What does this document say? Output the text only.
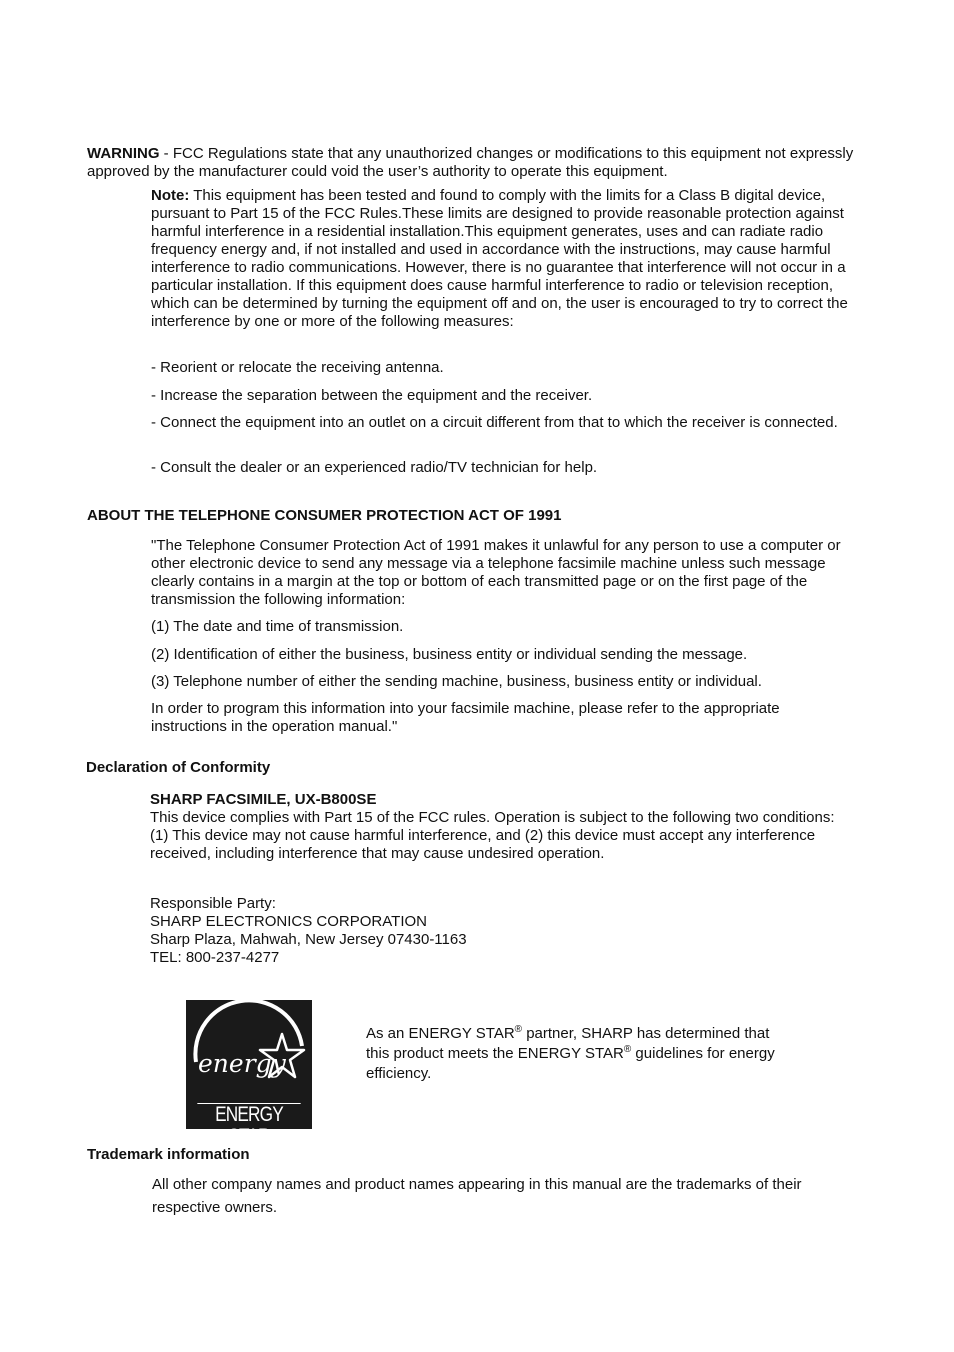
WARNING - FCC Regulations state that any unauthorized changes or modifications to this equipment not expressly approved by the manufacturer could void the user’s authority to operate this equipment.

Note: This equipment has been tested and found to comply with the limits for a Class B digital device, pursuant to Part 15 of the FCC Rules.These limits are designed to provide reasonable protection against harmful interference in a residential installation.This equipment generates, uses and can radiate radio frequency energy and, if not installed and used in accordance with the instructions, may cause harmful interference to radio communications. However, there is no guarantee that interference will not occur in a particular installation. If this equipment does cause harmful interference to radio or television reception, which can be determined by turning the equipment off and on, the user is encouraged to try to correct the interference by one or more of the following measures:

- Reorient or relocate the receiving antenna.

- Increase the separation between the equipment and the receiver.

- Connect the equipment into an outlet on a circuit different from that to which the receiver is connected.

- Consult the dealer or an experienced radio/TV technician for help.

ABOUT THE TELEPHONE CONSUMER PROTECTION ACT OF 1991

"The Telephone Consumer Protection Act of 1991 makes it unlawful for any person to use a computer or other electronic device to send any message via a telephone facsimile machine unless such message clearly contains in a margin at the top or bottom of each transmitted page or on the first page of the transmission the following information:

(1) The date and time of transmission.

(2) Identification of either the business, business entity or individual sending the message.

(3) Telephone number of either the sending machine, business, business entity or individual.

In order to program this information into your facsimile machine, please refer to the appropriate instructions in the operation manual."

Declaration of Conformity

SHARP FACSIMILE, UX-B800SE

This device complies with Part 15 of the FCC rules. Operation is subject to the following two conditions:

(1) This device may not cause harmful interference, and (2) this device must accept any interference received, including interference that may cause undesired operation.

Responsible Party:

SHARP ELECTRONICS CORPORATION

Sharp Plaza, Mahwah, New Jersey 07430-1163

TEL: 800-237-4277

energy
ENERGY STAR

As an ENERGY STAR® partner, SHARP has determined that this product meets the ENERGY STAR® guidelines for energy efficiency.

Trademark information

All other company names and product names appearing in this manual are the trademarks of their respective owners.
